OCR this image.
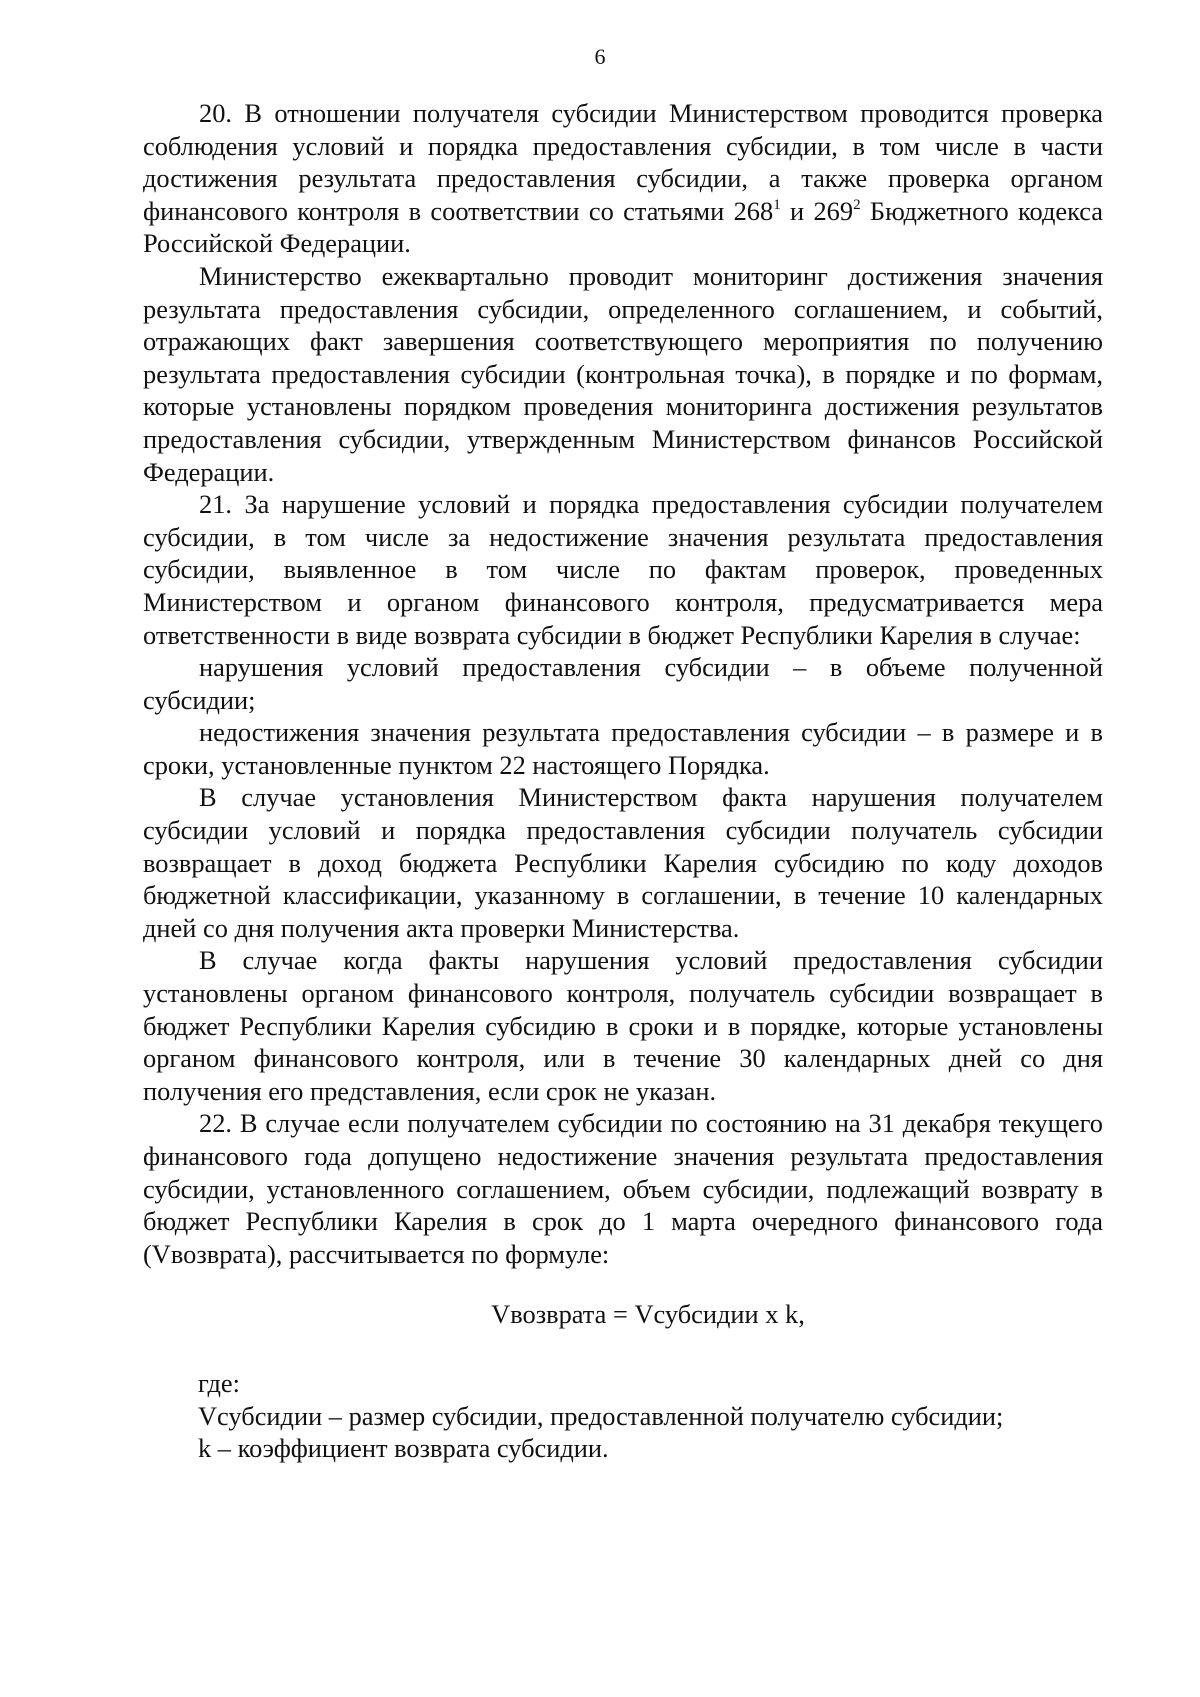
6

20. В отношении получателя субсидии Министерством проводится проверка соблюдения условий и порядка предоставления субсидии, в том числе в части достижения результата предоставления субсидии, а также проверка органом финансового контроля в соответствии со статьями $268^1$ и $269^2$ Бюджетного кодекса Российской Федерации.

Министерство ежеквартально проводит мониторинг достижения значения результата предоставления субсидии, определенного соглашением, и событий, отражающих факт завершения соответствующего мероприятия по получению результата предоставления субсидии (контрольная точка), в порядке и по формам, которые установлены порядком проведения мониторинга достижения результатов предоставления субсидии, утвержденным Министерством финансов Российской Федерации.

21. За нарушение условий и порядка предоставления субсидии получателем субсидии, в том числе за недостижение значения результата предоставления субсидии, выявленное в том числе по фактам проверок, проведенных Министерством и органом финансового контроля, предусматривается мера ответственности в виде возврата субсидии в бюджет Республики Карелия в случае:

нарушения условий предоставления субсидии – в объеме полученной субсидии;

недостижения значения результата предоставления субсидии – в размере и в сроки, установленные пунктом 22 настоящего Порядка.

В случае установления Министерством факта нарушения получателем субсидии условий и порядка предоставления субсидии получатель субсидии возвращает в доход бюджета Республики Карелия субсидию по коду доходов бюджетной классификации, указанному в соглашении, в течение 10 календарных дней со дня получения акта проверки Министерства.

В случае когда факты нарушения условий предоставления субсидии установлены органом финансового контроля, получатель субсидии возвращает в бюджет Республики Карелия субсидию в сроки и в порядке, которые установлены органом финансового контроля, или в течение 30 календарных дней со дня получения его представления, если срок не указан.

22. В случае если получателем субсидии по состоянию на 31 декабря текущего финансового года допущено недостижение значения результата предоставления субсидии, установленного соглашением, объем субсидии, подлежащий возврату в бюджет Республики Карелия в срок до 1 марта очередного финансового года (Vвозврата), рассчитывается по формуле:

Vвозврата = Vсубсидии x k,

где:

Vсубсидии – размер субсидии, предоставленной получателю субсидии;

k – коэффициент возврата субсидии.
